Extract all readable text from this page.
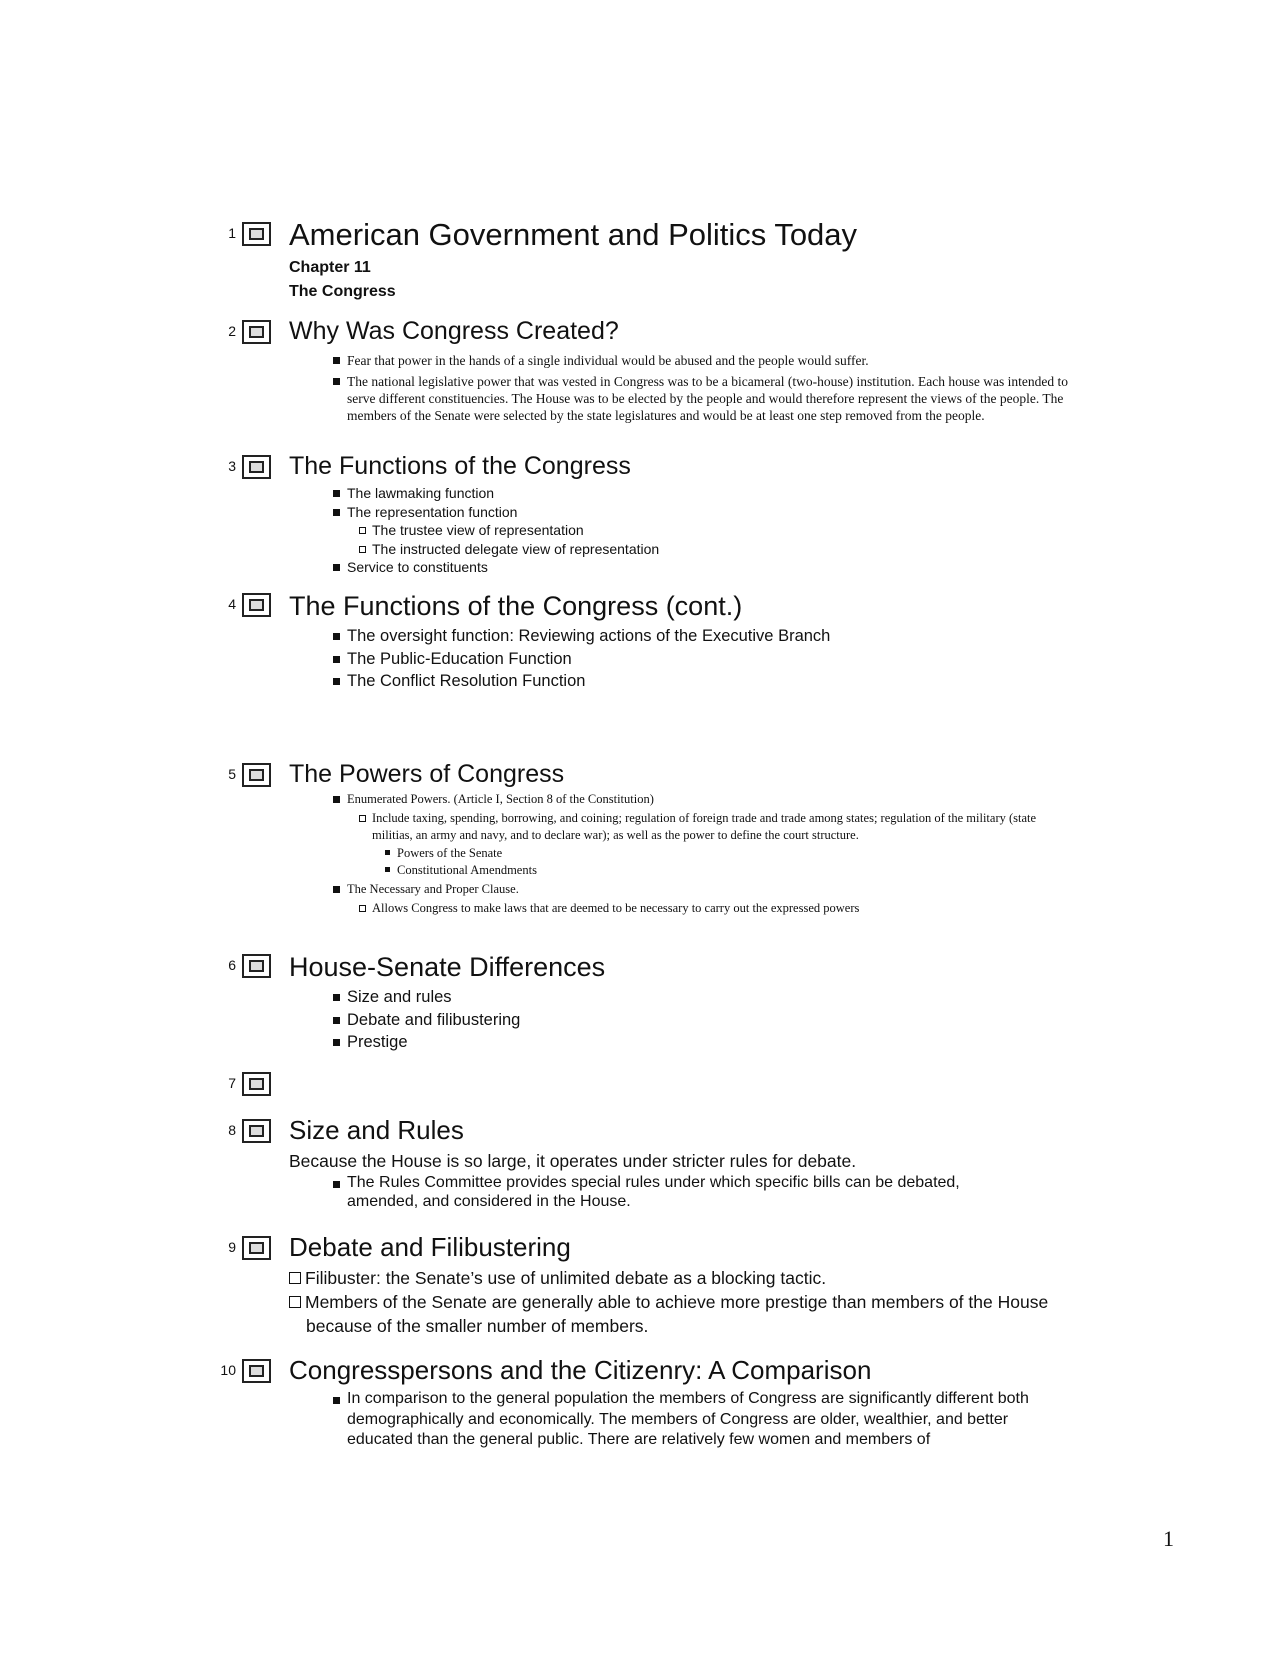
1 American Government and Politics Today
Chapter 11
The Congress
2 Why Was Congress Created?
Fear that power in the hands of a single individual would be abused and the people would suffer.
The national legislative power that was vested in Congress was to be a bicameral (two-house) institution. Each house was intended to serve different constituencies. The House was to be elected by the people and would therefore represent the views of the people. The members of the Senate were selected by the state legislatures and would be at least one step removed from the people.
3 The Functions of the Congress
The lawmaking function
The representation function
The trustee view of representation
The instructed delegate view of representation
Service to constituents
4 The Functions of the Congress (cont.)
The oversight function: Reviewing actions of the Executive Branch
The Public-Education Function
The Conflict Resolution Function
5 The Powers of Congress
Enumerated Powers. (Article I, Section 8 of the Constitution)
Include taxing, spending, borrowing, and coining; regulation of foreign trade and trade among states; regulation of the military (state militias, an army and navy, and to declare war); as well as the power to define the court structure.
Powers of the Senate
Constitutional Amendments
The Necessary and Proper Clause.
Allows Congress to make laws that are deemed to be necessary to carry out the expressed powers
6 House-Senate Differences
Size and rules
Debate and filibustering
Prestige
7
8 Size and Rules
Because the House is so large, it operates under stricter rules for debate.
The Rules Committee provides special rules under which specific bills can be debated, amended, and considered in the House.
9 Debate and Filibustering
Filibuster: the Senate’s use of unlimited debate as a blocking tactic.
Members of the Senate are generally able to achieve more prestige than members of the House because of the smaller number of members.
10 Congresspersons and the Citizenry: A Comparison
In comparison to the general population the members of Congress are significantly different both demographically and economically. The members of Congress are older, wealthier, and better educated than the general public. There are relatively few women and members of
1
